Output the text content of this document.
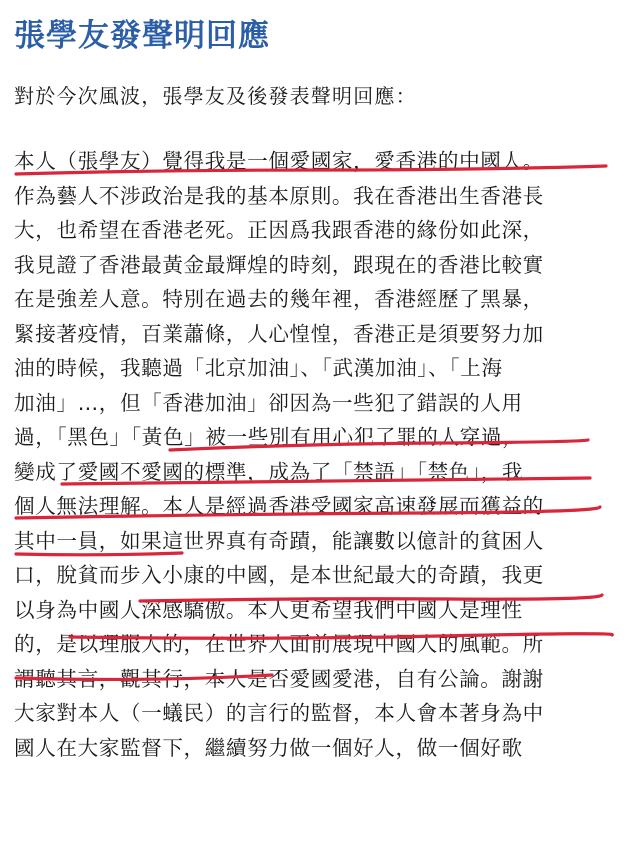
張學友發聲明回應

對於今次風波，張學友及後發表聲明回應：

本人（張學友）覺得我是一個愛國家，愛香港的中國人。
作為藝人不涉政治是我的基本原則。我在香港出生香港長
大，也希望在香港老死。正因爲我跟香港的緣份如此深，
我見證了香港最黃金最輝煌的時刻，跟現在的香港比較實
在是強差人意。特別在過去的幾年裡，香港經歷了黑暴，
緊接著疫情，百業蕭條，人心惶惶，香港正是須要努力加
油的時候，我聽過「北京加油」、「武漢加油」、「上海
加油」…，但「香港加油」卻因為一些犯了錯誤的人用
過，「黑色」「黃色」被一些別有用心犯了罪的人穿過，
變成了愛國不愛國的標準，成為了「禁語」「禁色」，我
個人無法理解。本人是經過香港受國家高速發展而獲益的
其中一員，如果這世界真有奇蹟，能讓數以億計的貧困人
口，脫貧而步入小康的中國，是本世紀最大的奇蹟，我更
以身為中國人深感驕傲。本人更希望我們中國人是理性
的，是以理服人的，在世界人面前展現中國人的風範。所
謂聽其言，觀其行，本人是否愛國愛港，自有公論。謝謝
大家對本人（一蟻民）的言行的監督，本人會本著身為中
國人在大家監督下，繼續努力做一個好人，做一個好歌
